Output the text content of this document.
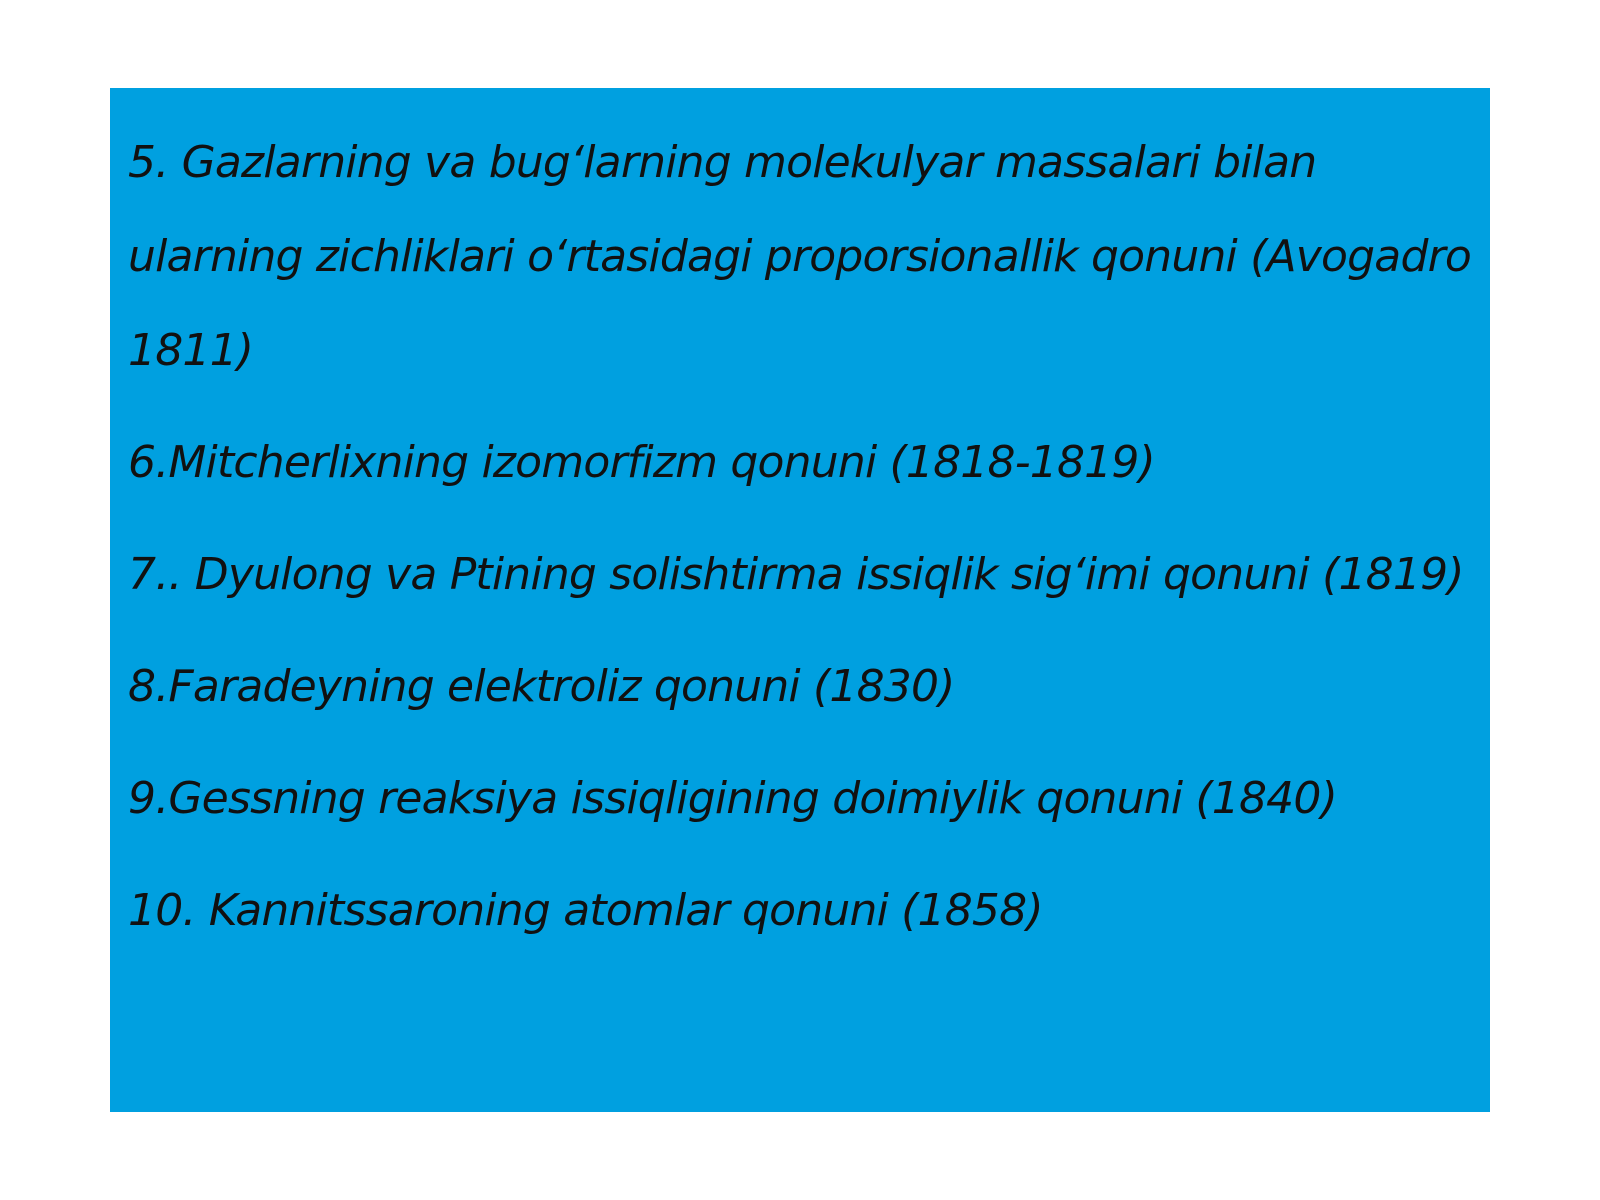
5. Gazlarning va bug‘larning molekulyar massalari bilan ularning zichliklari o‘rtasidagi proporsionallik qonuni (Avogadro 1811)

6.Mitcherlixning izomorfizm qonuni (1818-1819)

7.. Dyulong va Ptining solishtirma issiqlik sig‘imi qonuni (1819)

8.Faradeyning elektroliz qonuni (1830)

9.Gessning reaksiya issiqligining doimiylik qonuni (1840)

10. Kannitssaroning atomlar qonuni (1858)
